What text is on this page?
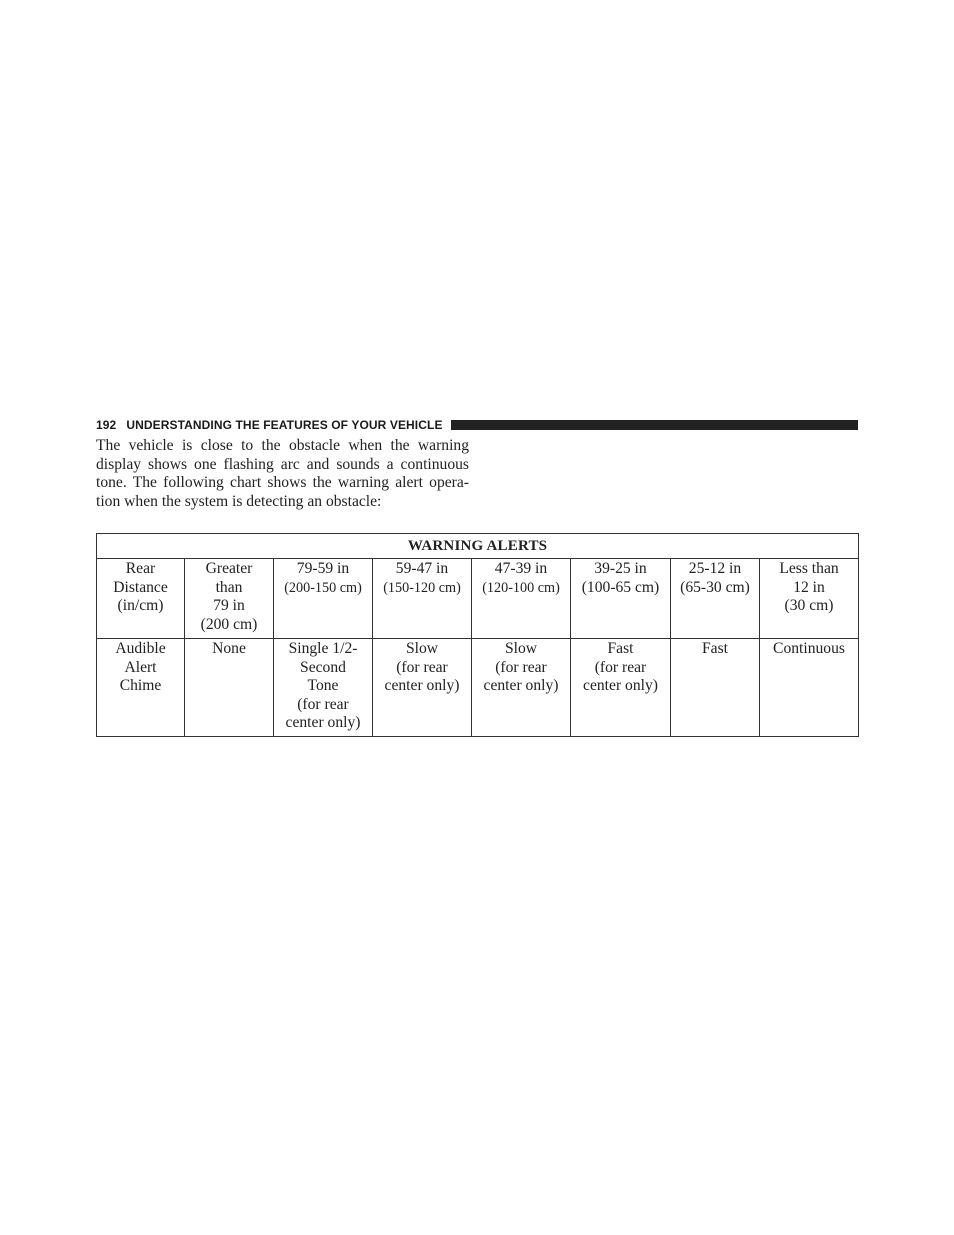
192 UNDERSTANDING THE FEATURES OF YOUR VEHICLE

The vehicle is close to the obstacle when the warning display shows one flashing arc and sounds a continuous tone. The following chart shows the warning alert opera-tion when the system is detecting an obstacle:

WARNING ALERTS							

Rear
Distance
(in/cm)	Greater
than
79 in
(200 cm)	79-59 in
(200-150 cm)	59-47 in
(150-120 cm)	47-39 in
(120-100 cm)	39-25 in
(100-65 cm)	25-12 in
(65-30 cm)	Less than
12 in
(30 cm)

Audible
Alert
Chime	None	Single 1/2-
Second
Tone
(for rear
center only)	Slow
(for rear
center only)	Slow
(for rear
center only)	Fast
(for rear
center only)	Fast	Continuous
